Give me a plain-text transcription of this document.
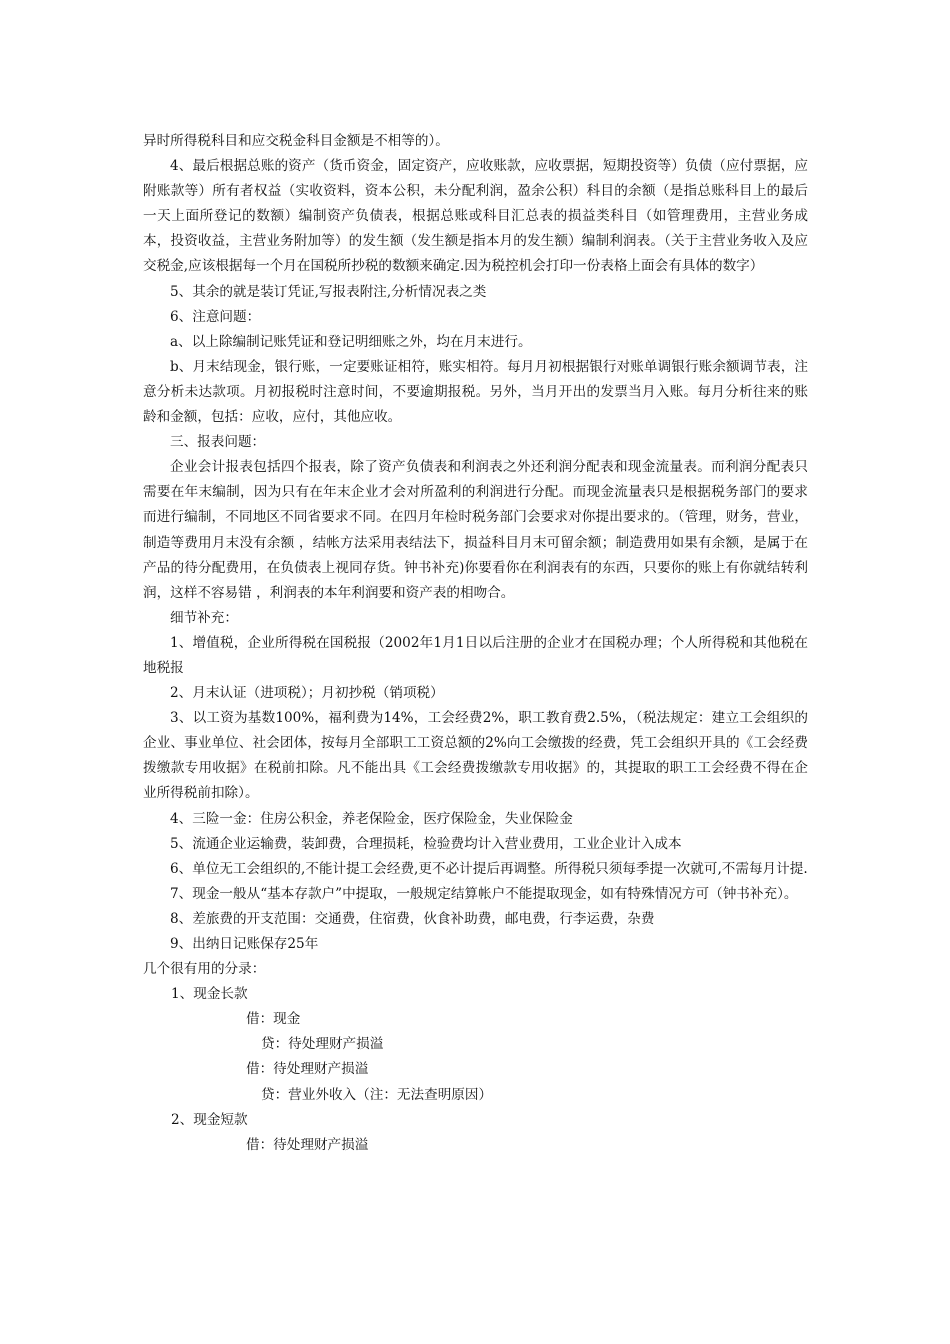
异时所得税科目和应交税金科目金额是不相等的）。

4、最后根据总账的资产（货币资金，固定资产，应收账款，应收票据，短期投资等）负债（应付票据，应附账款等）所有者权益（实收资料，资本公积，未分配利润，盈余公积）科目的余额（是指总账科目上的最后一天上面所登记的数额）编制资产负债表，根据总账或科目汇总表的损益类科目（如管理费用，主营业务成本，投资收益，主营业务附加等）的发生额（发生额是指本月的发生额）编制利润表。（关于主营业务收入及应交税金,应该根据每一个月在国税所抄税的数额来确定.因为税控机会打印一份表格上面会有具体的数字）

5、其余的就是装订凭证,写报表附注,分析情况表之类

6、注意问题：

a、以上除编制记账凭证和登记明细账之外，均在月末进行。

b、月末结现金，银行账，一定要账证相符，账实相符。每月月初根据银行对账单调银行账余额调节表，注意分析未达款项。月初报税时注意时间，不要逾期报税。另外，当月开出的发票当月入账。每月分析往来的账龄和金额，包括：应收，应付，其他应收。

三、报表问题：

企业会计报表包括四个报表，除了资产负债表和利润表之外还利润分配表和现金流量表。而利润分配表只需要在年末编制，因为只有在年末企业才会对所盈利的利润进行分配。而现金流量表只是根据税务部门的要求而进行编制，不同地区不同省要求不同。在四月年检时税务部门会要求对你提出要求的。（管理，财务，营业，制造等费用月末没有余额 ，结帐方法采用表结法下，损益科目月末可留余额；制造费用如果有余额，是属于在产品的待分配费用，在负债表上视同存货。钟书补充)你要看你在利润表有的东西，只要你的账上有你就结转利润，这样不容易错 ，利润表的本年利润要和资产表的相吻合。

细节补充：

1、增值税，企业所得税在国税报（2002年1月1日以后注册的企业才在国税办理；个人所得税和其他税在地税报

2、月末认证（进项税）；月初抄税（销项税）

3、以工资为基数100%，福利费为14%，工会经费2%，职工教育费2.5%，（税法规定：建立工会组织的企业、事业单位、社会团体，按每月全部职工工资总额的2%向工会缴拨的经费，凭工会组织开具的《工会经费拨缴款专用收据》在税前扣除。凡不能出具《工会经费拨缴款专用收据》的，其提取的职工工会经费不得在企业所得税前扣除）。

4、三险一金：住房公积金，养老保险金，医疗保险金，失业保险金

5、流通企业运输费，装卸费，合理损耗，检验费均计入营业费用，工业企业计入成本

6、单位无工会组织的,不能计提工会经费,更不必计提后再调整。所得税只须每季提一次就可,不需每月计提.

7、现金一般从“基本存款户”中提取，一般规定结算帐户不能提取现金，如有特殊情况方可（钟书补充）。

8、差旅费的开支范围：交通费，住宿费，伙食补助费，邮电费，行李运费，杂费

9、出纳日记账保存25年

几个很有用的分录：

1、现金长款

借：现金

贷：待处理财产损溢

借：待处理财产损溢

贷：营业外收入（注：无法查明原因）

2、现金短款

借：待处理财产损溢
